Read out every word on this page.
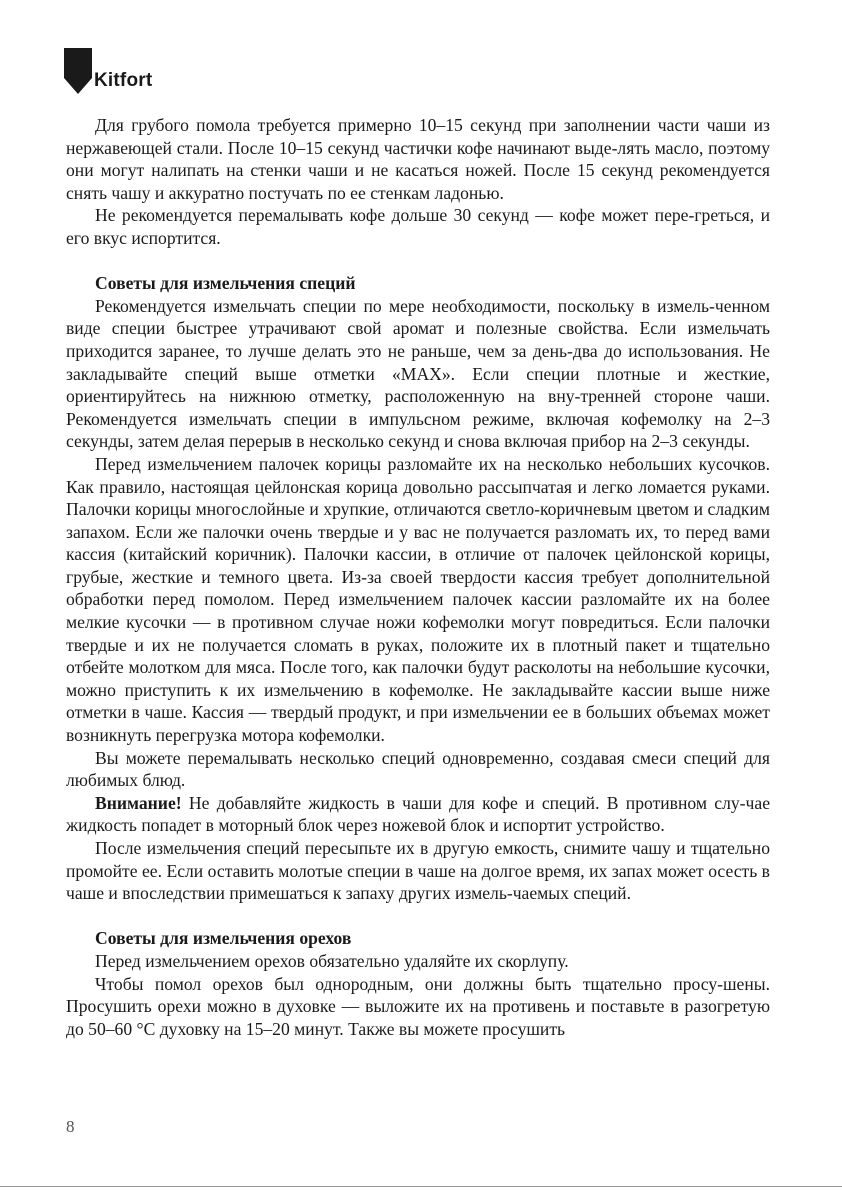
Kitfort

Для грубого помола требуется примерно 10–15 секунд при заполнении части чаши из нержавеющей стали. После 10–15 секунд частички кофе начинают выде-лять масло, поэтому они могут налипать на стенки чаши и не касаться ножей. После 15 секунд рекомендуется снять чашу и аккуратно постучать по ее стенкам ладонью.

Не рекомендуется перемалывать кофе дольше 30 секунд — кофе может пере-греться, и его вкус испортится.

Советы для измельчения специй

Рекомендуется измельчать специи по мере необходимости, поскольку в измель-ченном виде специи быстрее утрачивают свой аромат и полезные свойства. Если измельчать приходится заранее, то лучше делать это не раньше, чем за день-два до использования. Не закладывайте специй выше отметки «MAX». Если специи плотные и жесткие, ориентируйтесь на нижнюю отметку, расположенную на вну-тренней стороне чаши. Рекомендуется измельчать специи в импульсном режиме, включая кофемолку на 2–3 секунды, затем делая перерыв в несколько секунд и снова включая прибор на 2–3 секунды.

Перед измельчением палочек корицы разломайте их на несколько небольших кусочков. Как правило, настоящая цейлонская корица довольно рассыпчатая и легко ломается руками. Палочки корицы многослойные и хрупкие, отличаются светло-коричневым цветом и сладким запахом. Если же палочки очень твердые и у вас не получается разломать их, то перед вами кассия (китайский коричник). Палочки кассии, в отличие от палочек цейлонской корицы, грубые, жесткие и темного цвета. Из-за своей твердости кассия требует дополнительной обработки перед помолом. Перед измельчением палочек кассии разломайте их на более мелкие кусочки — в противном случае ножи кофемолки могут повредиться. Если палочки твердые и их не получается сломать в руках, положите их в плотный пакет и тщательно отбейте молотком для мяса. После того, как палочки будут расколоты на небольшие кусочки, можно приступить к их измельчению в кофемолке. Не закладывайте кассии выше ниже отметки в чаше. Кассия — твердый продукт, и при измельчении ее в больших объемах может возникнуть перегрузка мотора кофемолки.

Вы можете перемалывать несколько специй одновременно, создавая смеси специй для любимых блюд.

Внимание! Не добавляйте жидкость в чаши для кофе и специй. В противном слу-чае жидкость попадет в моторный блок через ножевой блок и испортит устройство.

После измельчения специй пересыпьте их в другую емкость, снимите чашу и тщательно промойте ее. Если оставить молотые специи в чаше на долгое время, их запах может осесть в чаше и впоследствии примешаться к запаху других измель-чаемых специй.

Советы для измельчения орехов

Перед измельчением орехов обязательно удаляйте их скорлупу.

Чтобы помол орехов был однородным, они должны быть тщательно просу-шены. Просушить орехи можно в духовке — выложите их на противень и поставьте в разогретую до 50–60 °C духовку на 15–20 минут. Также вы можете просушить

8
